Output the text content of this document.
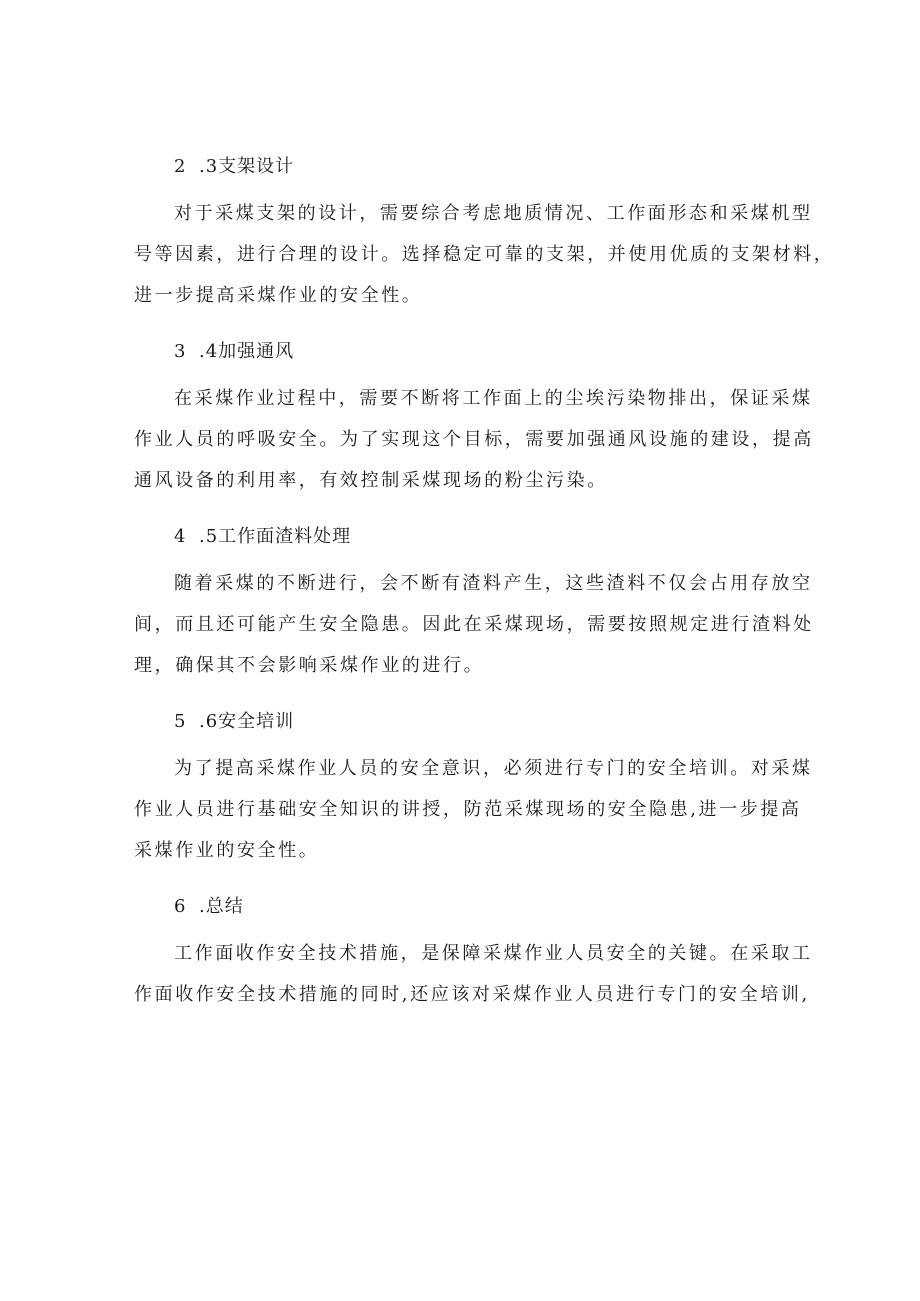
2 .3支架设计
对于采煤支架的设计，需要综合考虑地质情况、工作面形态和采煤机型
号等因素，进行合理的设计。选择稳定可靠的支架，并使用优质的支架材料，
进一步提高采煤作业的安全性。
3 .4加强通风
在采煤作业过程中，需要不断将工作面上的尘埃污染物排出，保证采煤
作业人员的呼吸安全。为了实现这个目标，需要加强通风设施的建设，提高
通风设备的利用率，有效控制采煤现场的粉尘污染。
4 .5工作面渣料处理
随着采煤的不断进行，会不断有渣料产生，这些渣料不仅会占用存放空
间，而且还可能产生安全隐患。因此在采煤现场，需要按照规定进行渣料处
理，确保其不会影响采煤作业的进行。
5 .6安全培训
为了提高采煤作业人员的安全意识，必须进行专门的安全培训。对采煤
作业人员进行基础安全知识的讲授，防范采煤现场的安全隐患,进一步提高
采煤作业的安全性。
6 .总结
工作面收作安全技术措施，是保障采煤作业人员安全的关键。在采取工
作面收作安全技术措施的同时,还应该对采煤作业人员进行专门的安全培训,
